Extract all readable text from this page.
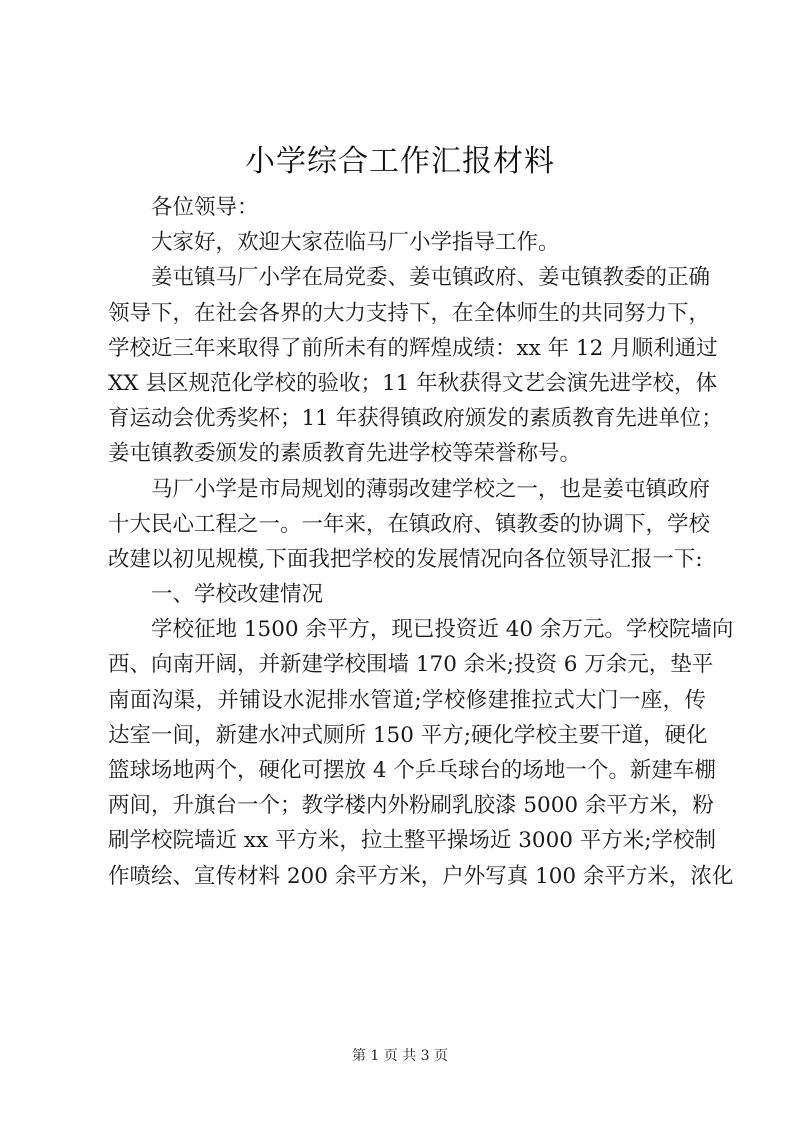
小学综合工作汇报材料
各位领导：
大家好，欢迎大家莅临马厂小学指导工作。
姜屯镇马厂小学在局党委、姜屯镇政府、姜屯镇教委的正确
领导下，在社会各界的大力支持下，在全体师生的共同努力下，
学校近三年来取得了前所未有的辉煌成绩：xx 年 12 月顺利通过
XX 县区规范化学校的验收；11 年秋获得文艺会演先进学校，体
育运动会优秀奖杯；11 年获得镇政府颁发的素质教育先进单位；
姜屯镇教委颁发的素质教育先进学校等荣誉称号。
马厂小学是市局规划的薄弱改建学校之一，也是姜屯镇政府
十大民心工程之一。一年来，在镇政府、镇教委的协调下，学校
改建以初见规模,下面我把学校的发展情况向各位领导汇报一下:
一、学校改建情况
学校征地 1500 余平方，现已投资近 40 余万元。学校院墙向
西、向南开阔，并新建学校围墙 170 余米;投资 6 万余元，垫平
南面沟渠，并铺设水泥排水管道;学校修建推拉式大门一座，传
达室一间，新建水冲式厕所 150 平方;硬化学校主要干道，硬化
篮球场地两个，硬化可摆放 4 个乒乓球台的场地一个。新建车棚
两间，升旗台一个；教学楼内外粉刷乳胶漆 5000 余平方米，粉
刷学校院墙近 xx 平方米，拉土整平操场近 3000 平方米;学校制
作喷绘、宣传材料 200 余平方米，户外写真 100 余平方米，浓化
第 1 页 共 3 页
